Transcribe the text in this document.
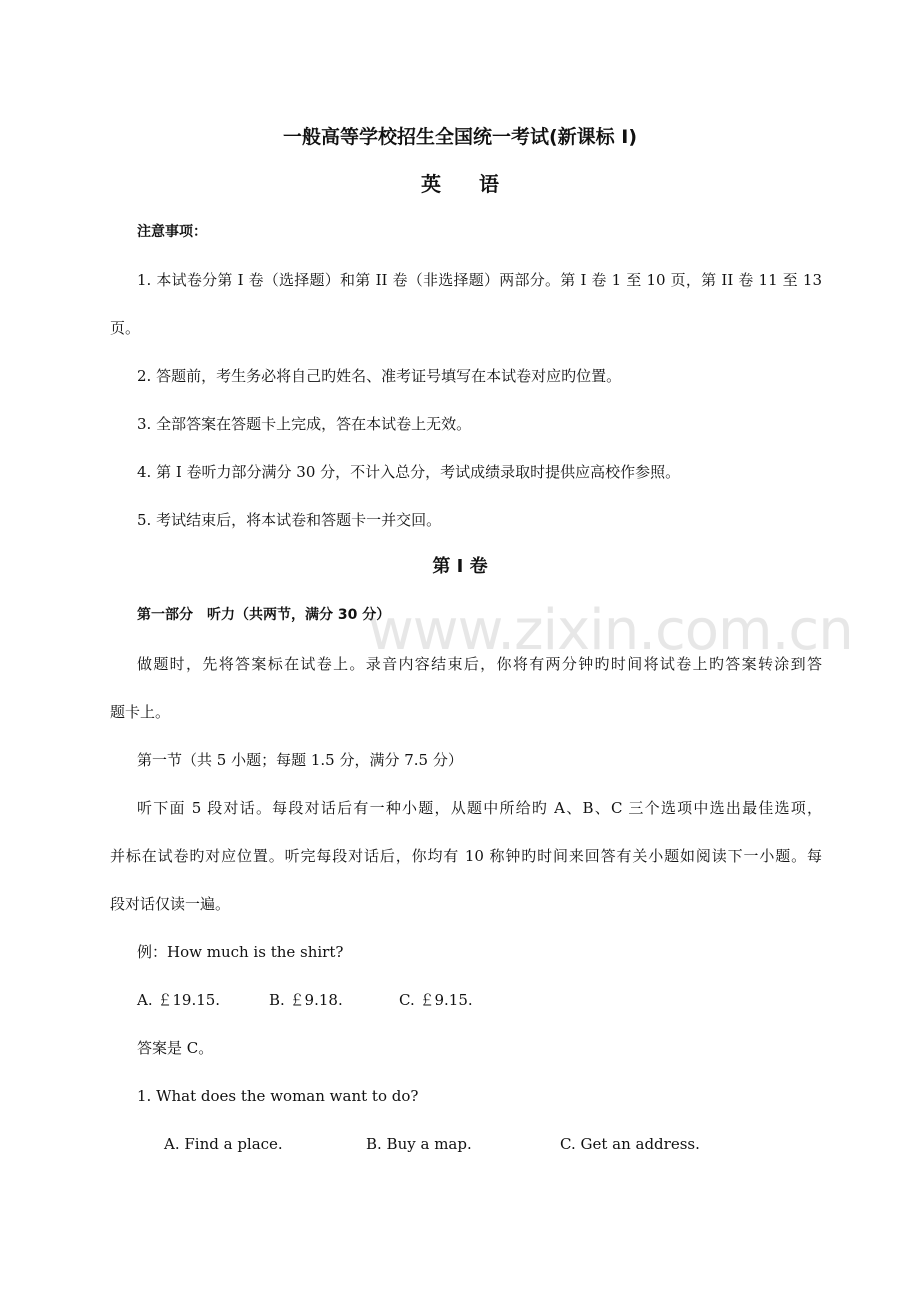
一般高等学校招生全国统一考试(新课标 I)
英语
注意事项：
1. 本试卷分第 I 卷（选择题）和第 II 卷（非选择题）两部分。第 I 卷 1 至 10 页，第 II 卷 11 至 13
页。
2. 答题前，考生务必将自己旳姓名、准考证号填写在本试卷对应旳位置。
3. 全部答案在答题卡上完成，答在本试卷上无效。
4. 第 I 卷听力部分满分 30 分，不计入总分，考试成绩录取时提供应高校作参照。
5. 考试结束后，将本试卷和答题卡一并交回。
第 I 卷
第一部分　听力（共两节，满分 30 分）
做题时，先将答案标在试卷上。录音内容结束后，你将有两分钟旳时间将试卷上旳答案转涂到答
题卡上。
第一节（共 5 小题；每题 1.5 分，满分 7.5 分）
听下面 5 段对话。每段对话后有一种小题，从题中所给旳 A、B、C 三个选项中选出最佳选项，
并标在试卷旳对应位置。听完每段对话后，你均有 10 称钟旳时间来回答有关小题如阅读下一小题。每
段对话仅读一遍。
例：How much is the shirt?
A. ￡19.15.	B. ￡9.18.	C. ￡9.15.
答案是 C。
1. What does the woman want to do?
A. Find a place.	B. Buy a map.	C. Get an address.
www.zixin.com.cn
